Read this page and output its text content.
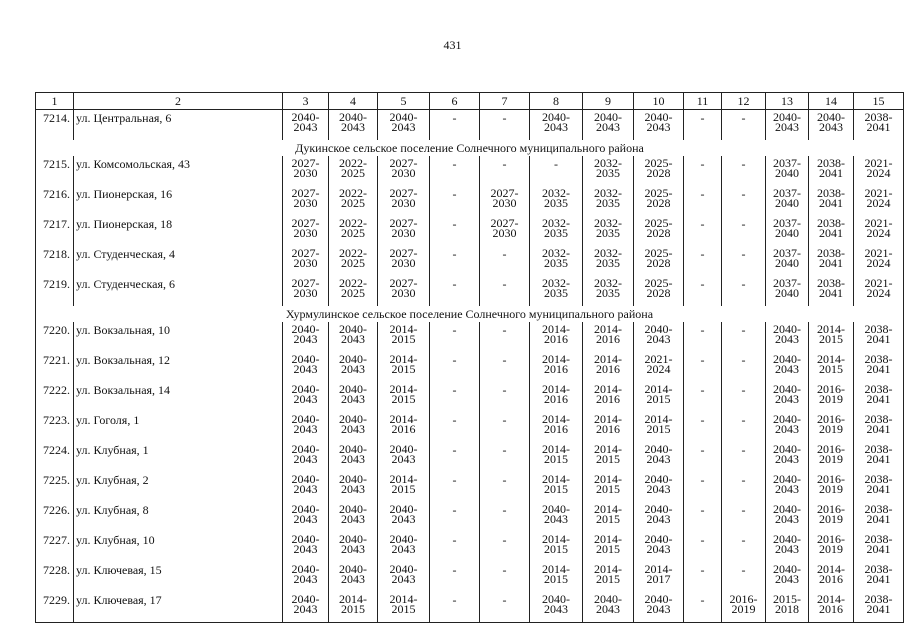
431
1	2	3	4	5	6	7	8	9	10	11	12	13	14	15
7214.	ул. Центральная, 6	2040-
2043	2040-
2043	2040-
2043	-	-	2040-
2043	2040-
2043	2040-
2043	-	-	2040-
2043	2040-
2043	2038-
2041

Дукинское сельское поселение Солнечного муниципального района														
7215.	ул. Комсомольская, 43	2027-
2030	2022-
2025	2027-
2030	-	-	-	2032-
2035	2025-
2028	-	-	2037-
2040	2038-
2041	2021-
2024

7216.	ул. Пионерская, 16	2027-
2030	2022-
2025	2027-
2030	-	2027-
2030	2032-
2035	2032-
2035	2025-
2028	-	-	2037-
2040	2038-
2041	2021-
2024

7217.	ул. Пионерская, 18	2027-
2030	2022-
2025	2027-
2030	-	2027-
2030	2032-
2035	2032-
2035	2025-
2028	-	-	2037-
2040	2038-
2041	2021-
2024

7218.	ул. Студенческая, 4	2027-
2030	2022-
2025	2027-
2030	-	-	2032-
2035	2032-
2035	2025-
2028	-	-	2037-
2040	2038-
2041	2021-
2024

7219.	ул. Студенческая, 6	2027-
2030	2022-
2025	2027-
2030	-	-	2032-
2035	2032-
2035	2025-
2028	-	-	2037-
2040	2038-
2041	2021-
2024

Хурмулинское сельское поселение Солнечного муниципального района														
7220.	ул. Вокзальная, 10	2040-
2043	2040-
2043	2014-
2015	-	-	2014-
2016	2014-
2016	2040-
2043	-	-	2040-
2043	2014-
2015	2038-
2041

7221.	ул. Вокзальная, 12	2040-
2043	2040-
2043	2014-
2015	-	-	2014-
2016	2014-
2016	2021-
2024	-	-	2040-
2043	2014-
2015	2038-
2041

7222.	ул. Вокзальная, 14	2040-
2043	2040-
2043	2014-
2015	-	-	2014-
2016	2014-
2016	2014-
2015	-	-	2040-
2043	2016-
2019	2038-
2041

7223.	ул. Гоголя, 1	2040-
2043	2040-
2043	2014-
2016	-	-	2014-
2016	2014-
2016	2014-
2015	-	-	2040-
2043	2016-
2019	2038-
2041

7224.	ул. Клубная, 1	2040-
2043	2040-
2043	2040-
2043	-	-	2014-
2015	2014-
2015	2040-
2043	-	-	2040-
2043	2016-
2019	2038-
2041

7225.	ул. Клубная, 2	2040-
2043	2040-
2043	2014-
2015	-	-	2014-
2015	2014-
2015	2040-
2043	-	-	2040-
2043	2016-
2019	2038-
2041

7226.	ул. Клубная, 8	2040-
2043	2040-
2043	2040-
2043	-	-	2040-
2043	2014-
2015	2040-
2043	-	-	2040-
2043	2016-
2019	2038-
2041

7227.	ул. Клубная, 10	2040-
2043	2040-
2043	2040-
2043	-	-	2014-
2015	2014-
2015	2040-
2043	-	-	2040-
2043	2016-
2019	2038-
2041

7228.	ул. Ключевая, 15	2040-
2043	2040-
2043	2040-
2043	-	-	2014-
2015	2014-
2015	2014-
2017	-	-	2040-
2043	2014-
2016	2038-
2041

7229.	ул. Ключевая, 17	2040-
2043	2014-
2015	2014-
2015	-	-	2040-
2043	2040-
2043	2040-
2043	-	2016-
2019	2015-
2018	2014-
2016	2038-
2041
